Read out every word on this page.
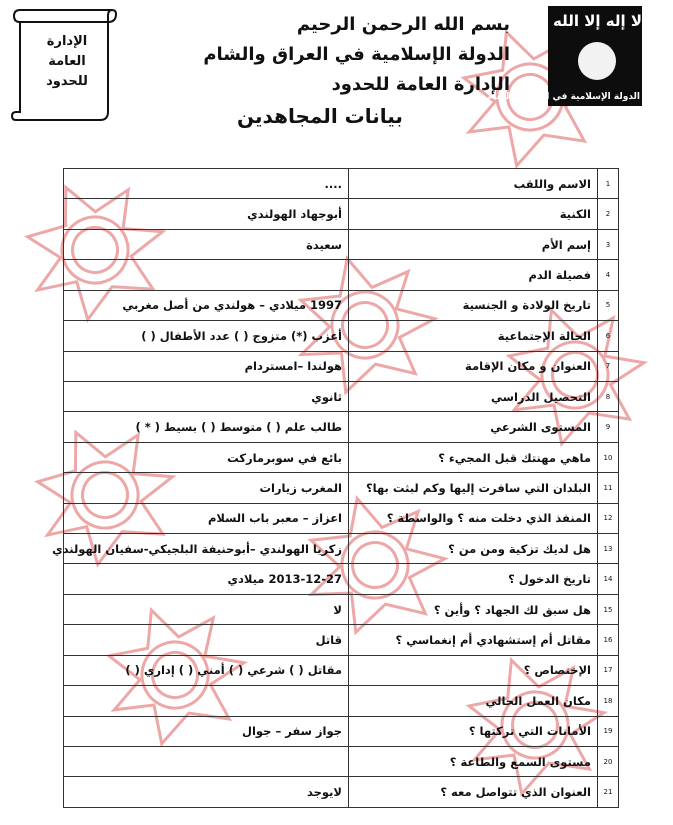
الإدارة
العامة
للحدود
بسم الله الرحمن الرحيم
الدولة الإسلامية في العراق والشام
الإدارة العامة للحدود
بيانات المجاهدين
لا إله إلا الله
الدولة الإسلامية في العراق والشام
....	الاسم واللقب	1
أبوجهاد الهولندي	الكنية	2
سعيدة	إسم الأم	3
	فصيلة الدم	4
1997 ميلادي – هولندي من أصل مغربي	تاريخ الولادة و الجنسية	5
أعزب (*) متزوج ( ) عدد الأطفال ( )	الحالة الإجتماعية	6
هولندا –امستردام	العنوان و مكان الإقامة	7
ثانوي	التحصيل الدراسي	8
طالب علم ( ) متوسط ( ) بسيط ( * )	المستوى الشرعي	9
بائع في سوبرماركت	ماهي مهنتك قبل المجيء ؟	10
المغرب زيارات	البلدان التي سافرت إليها وكم لبثت بها؟	11
اعزاز – معبر باب السلام	المنفذ الذي دخلت منه ؟ والواسطة ؟	12
زكريا الهولندي –أبوحنيفة البلجيكي-سفيان الهولندي	هل لديك تزكية ومن من ؟	13
2013-12-27 ميلادي	تاريخ الدخول ؟	14
لا	هل سبق لك الجهاد ؟ وأين ؟	15
قاتل	مقاتل أم إستشهادي أم إنغماسي ؟	16
مقاتل ( ) شرعي ( ) أمني ( ) إداري ( )	الإختصاص ؟	17
	مكان العمل الحالي	18
جواز سفر – جوال	الأمانات التي تركتها ؟	19
	مستوى السمع والطاعة ؟	20
لايوجد	العنوان الذي تتواصل معه ؟	21
